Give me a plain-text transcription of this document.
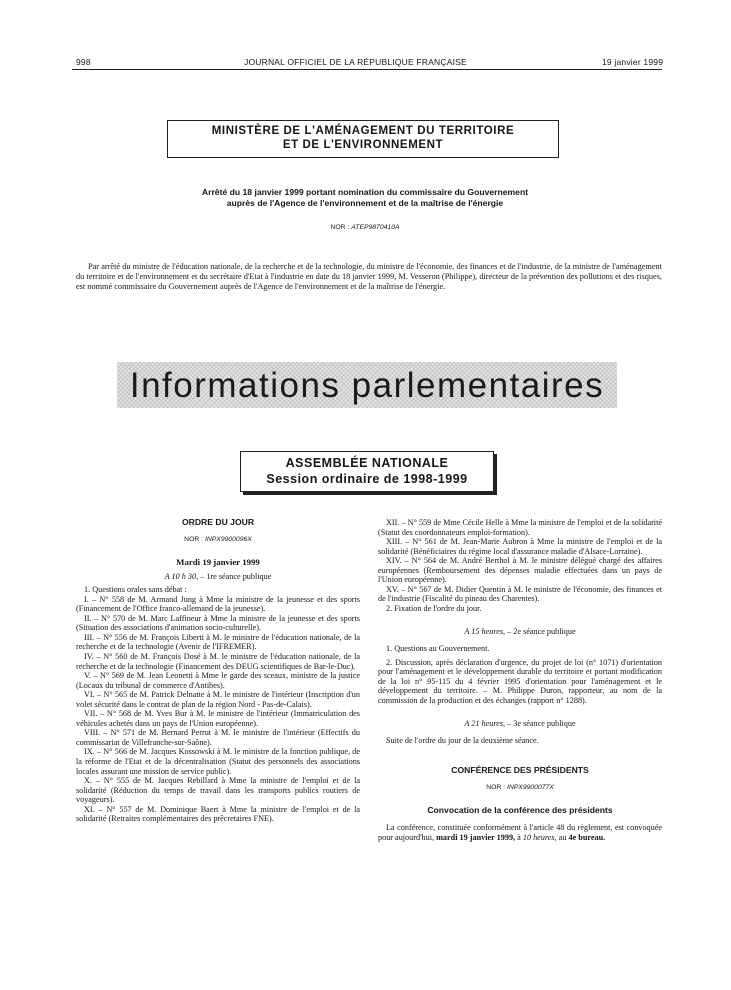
998	JOURNAL OFFICIEL DE LA RÉPUBLIQUE FRANÇAISE	19 janvier 1999
MINISTÈRE DE L'AMÉNAGEMENT DU TERRITOIRE
ET DE L'ENVIRONNEMENT
Arrêté du 18 janvier 1999 portant nomination du commissaire du Gouvernement
auprès de l'Agence de l'environnement et de la maîtrise de l'énergie
NOR : ATEP9870410A
Par arrêté du ministre de l'éducation nationale, de la recherche et de la technologie, du ministre de l'économie, des finances et de l'industrie, de la ministre de l'aménagement du territoire et de l'environnement et du secrétaire d'Etat à l'industrie en date du 18 janvier 1999, M. Vesseron (Philippe), directeur de la prévention des pollutions et des risques, est nommé commissaire du Gouvernement auprès de l'Agence de l'environnement et de la maîtrise de l'énergie.
Informations parlementaires
ASSEMBLÉE NATIONALE
Session ordinaire de 1998-1999

ORDRE DU JOUR

NOR : INPX9900096X

Mardi 19 janvier 1999

A 10 h 30, – 1re séance publique

1. Questions orales sans débat :

I. – N° 558 de M. Armand Jung à Mme la ministre de la jeunesse et des sports (Financement de l'Office franco-allemand de la jeunesse).

II. – N° 570 de M. Marc Laffineur à Mme la ministre de la jeunesse et des sports (Situation des associations d'animation socio-culturelle).

III. – N° 556 de M. François Liberti à M. le ministre de l'éducation nationale, de la recherche et de la technologie (Avenir de l'IFREMER).

IV. – N° 560 de M. François Dosé à M. le ministre de l'éducation nationale, de la recherche et de la technologie (Financement des DEUG scientifiques de Bar-le-Duc).

V. – N° 569 de M. Jean Leonetti à Mme le garde des sceaux, ministre de la justice (Locaux du tribunal de commerce d'Antibes).

VI. – N° 565 de M. Patrick Delnatte à M. le ministre de l'intérieur (Inscription d'un volet sécurité dans le contrat de plan de la région Nord - Pas-de-Calais).

VII. – N° 568 de M. Yves Bur à M. le ministre de l'intérieur (Immatriculation des véhicules achetés dans un pays de l'Union européenne).

VIII. – N° 571 de M. Bernard Perrut à M. le ministre de l'intérieur (Effectifs du commissariat de Villefranche-sur-Saône).

IX. – N° 566 de M. Jacques Kossowski à M. le ministre de la fonction publique, de la réforme de l'Etat et de la décentralisation (Statut des personnels des associations locales assurant une mission de service public).

X. – N° 555 de M. Jacques Rebillard à Mme la ministre de l'emploi et de la solidarité (Réduction du temps de travail dans les transports publics routiers de voyageurs).

XI. – N° 557 de M. Dominique Baert à Mme la ministre de l'emploi et de la solidarité (Retraites complémentaires des prêcretaires FNE).

XII. – N° 559 de Mme Cécile Helle à Mme la ministre de l'emploi et de la solidarité (Statut des coordonnateurs emploi-formation).

XIII. – N° 561 de M. Jean-Marie Aubron à Mme la ministre de l'emploi et de la solidarité (Bénéficiaires du régime local d'assurance maladie d'Alsace-Lorraine).

XIV. – N° 564 de M. André Berthol à M. le ministre délégué chargé des affaires européennes (Remboursement des dépenses maladie effectuées dans un pays de l'Union européenne).

XV. – N° 567 de M. Didier Quentin à M. le ministre de l'économie, des finances et de l'industrie (Fiscalité du pineau des Charentes).

2. Fixation de l'ordre du jour.

A 15 heures, – 2e séance publique

1. Questions au Gouvernement.

2. Discussion, après déclaration d'urgence, du projet de loi (n° 1071) d'orientation pour l'aménagement et le développement durable du territoire et portant modification de la loi n° 95-115 du 4 février 1995 d'orientation pour l'aménagement et le développement du territoire. – M. Philippe Duron, rapporteur, au nom de la commission de la production et des échanges (rapport n° 1288).

A 21 heures, – 3e séance publique

Suite de l'ordre du jour de la deuxième séance.

CONFÉRENCE DES PRÉSIDENTS

NOR : INPX9900077X

Convocation de la conférence des présidents

La conférence, constituée conformément à l'article 48 du règlement, est convoquée pour aujourd'hui, mardi 19 janvier 1999, à 10 heures, au 4e bureau.
